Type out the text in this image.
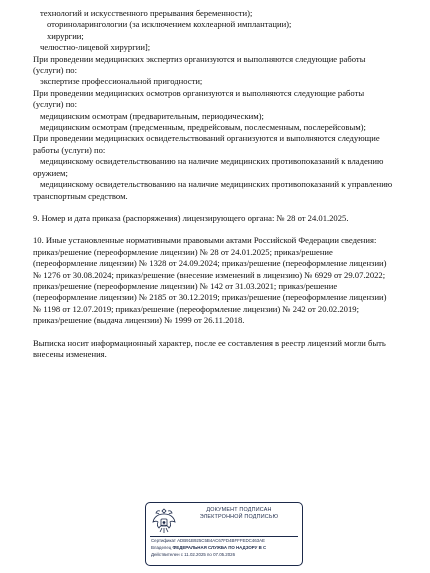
технологий и искусственного прерывания беременности);
оториноларингологии (за исключением кохлеарной имплантации);
хирургии;
челюстно-лицевой хирургии];
При проведении медицинских экспертиз организуются и выполняются следующие работы
(услуги) по:
экспертизе профессиональной пригодности;
При проведении медицинских осмотров организуются и выполняются следующие работы
(услуги) по:
медицинским осмотрам (предварительным, периодическим);
медицинским осмотрам (предсменным, предрейсовым, послесменным, послерейсовым);
При проведении медицинских освидетельствований организуются и выполняются следующие
работы (услуги) по:
медицинскому освидетельствованию на наличие медицинских противопоказаний к владению
оружием;
медицинскому освидетельствованию на наличие медицинских противопоказаний к управлению
транспортным средством.
9. Номер и дата приказа (распоряжения) лицензирующего органа: № 28 от 24.01.2025.
10. Иные установленные нормативными правовыми актами Российской Федерации сведения:
приказ/решение (переоформление лицензии) № 28 от 24.01.2025; приказ/решение
(переоформление лицензии) № 1328 от 24.09.2024; приказ/решение (переоформление лицензии)
№ 1276 от 30.08.2024; приказ/решение (внесение изменений в лицензию) № 6929 от 29.07.2022;
приказ/решение (переоформление лицензии) № 142 от 31.03.2021; приказ/решение
(переоформление лицензии) № 2185 от 30.12.2019; приказ/решение (переоформление лицензии)
№ 1198 от 12.07.2019; приказ/решение (переоформление лицензии) № 242 от 20.02.2019;
приказ/решение (выдача лицензии) № 1999 от 26.11.2018.
Выписка носит информационный характер, после ее составления в реестр лицензий могли быть
внесены изменения.
ДОКУМЕНТ ПОДПИСАН
ЭЛЕКТРОННОЙ ПОДПИСЬЮ
Сертификат ADB91B925C5B4AC67FD4BFFFEDC463AE
Владелец ФЕДЕРАЛЬНАЯ СЛУЖБА ПО НАДЗОРУ В С
Действителен с 11.02.2025 по 07.05.2026
